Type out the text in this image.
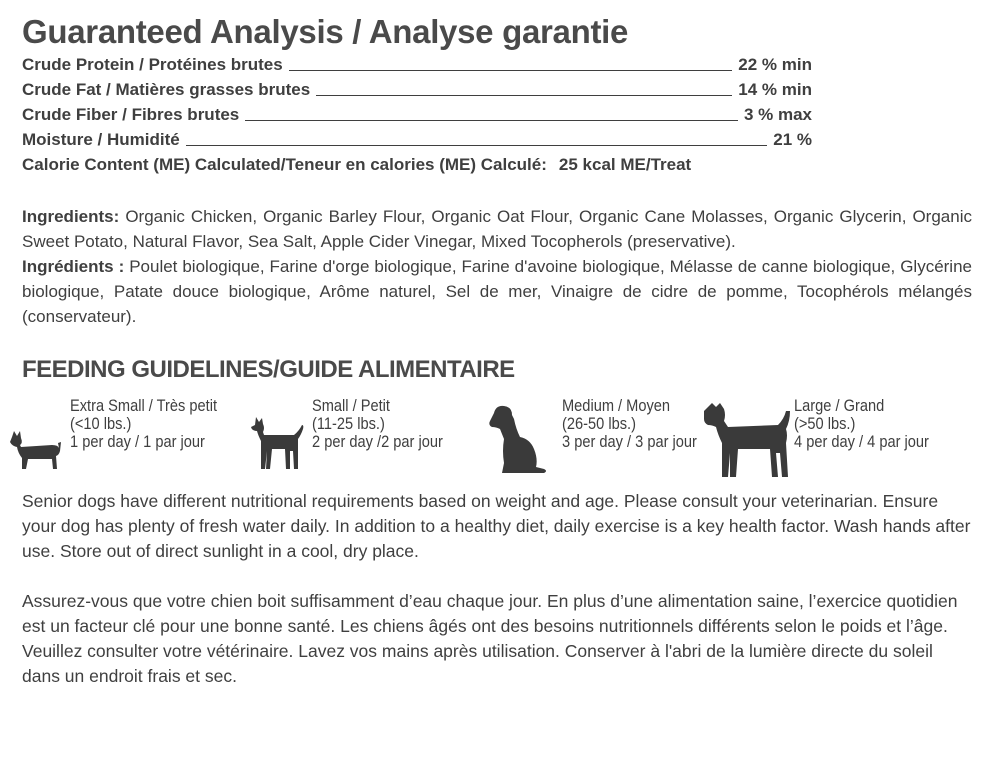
Guaranteed Analysis / Analyse garantie
Crude Protein / Protéines brutes	22 % min
Crude Fat / Matières grasses brutes	14 % min
Crude Fiber / Fibres brutes	3 % max
Moisture / Humidité	21 %
Calorie Content (ME) Calculated/Teneur en calories (ME) Calculé: 25 kcal ME/Treat

Ingredients: Organic Chicken, Organic Barley Flour, Organic Oat Flour, Organic Cane Molasses, Organic Glycerin, Organic Sweet Potato, Natural Flavor, Sea Salt, Apple Cider Vinegar, Mixed Tocopherols (preservative).

Ingrédients : Poulet biologique, Farine d'orge biologique, Farine d'avoine biologique, Mélasse de canne biologique, Glycérine biologique, Patate douce biologique, Arôme naturel, Sel de mer, Vinaigre de cidre de pomme, Tocophérols mélangés (conservateur).

FEEDING GUIDELINES/GUIDE ALIMENTAIRE
Extra Small / Très petit
(<10 lbs.)
1 per day / 1 par jour
Small / Petit
(11-25 lbs.)
2 per day /2 par jour
Medium / Moyen
(26-50 lbs.)
3 per day / 3 par jour
Large / Grand
(>50 lbs.)
4 per day / 4 par jour

Senior dogs have different nutritional requirements based on weight and age. Please consult your veterinarian. Ensure your dog has plenty of fresh water daily. In addition to a healthy diet, daily exercise is a key health factor. Wash hands after use. Store out of direct sunlight in a cool, dry place.

Assurez-vous que votre chien boit suffisamment d’eau chaque jour. En plus d’une alimentation saine, l’exercice quotidien est un facteur clé pour une bonne santé. Les chiens âgés ont des besoins nutritionnels différents selon le poids et l’âge. Veuillez consulter votre vétérinaire. Lavez vos mains après utilisation. Conserver à l'abri de la lumière directe du soleil dans un endroit frais et sec.
